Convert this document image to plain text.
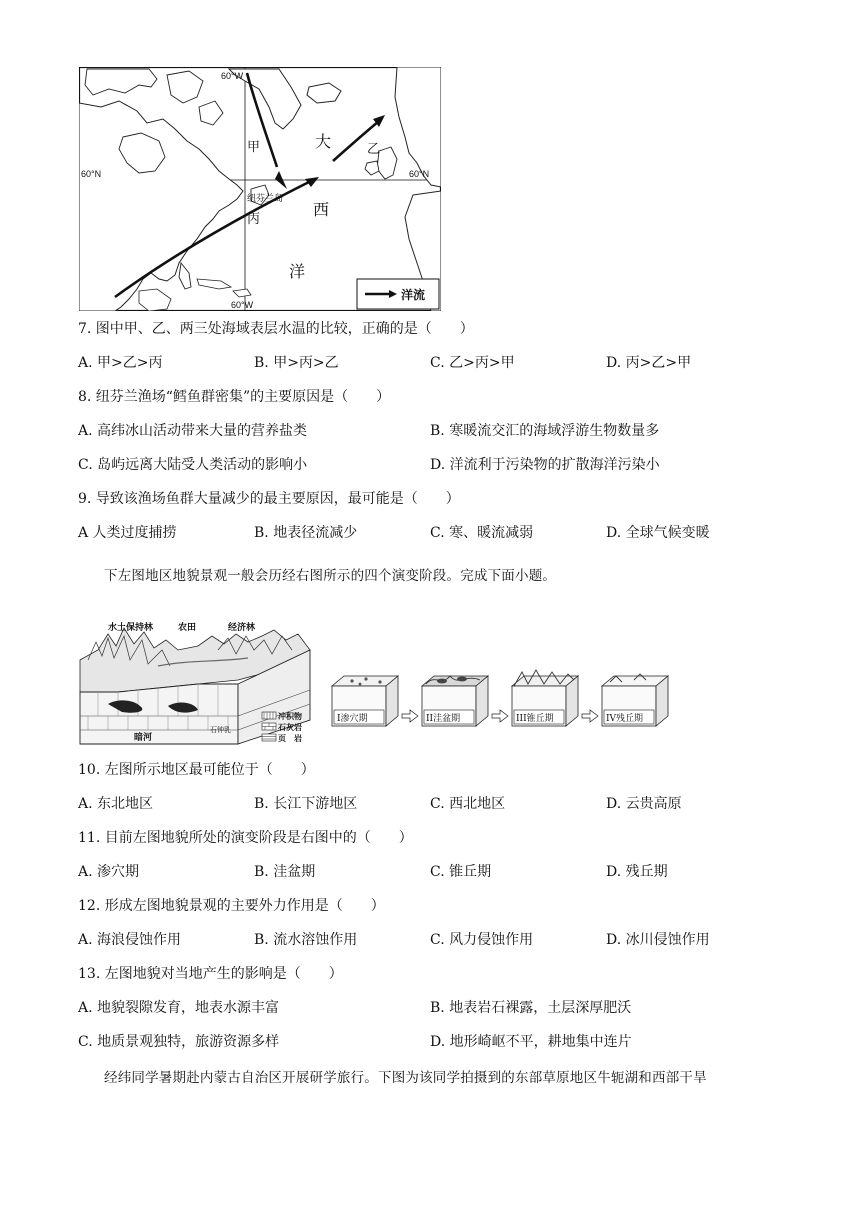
60°W
甲	大	乙
60°N	60°N
纽芬兰岛
西
丙
洋
60°W
洋流
7. 图中甲、乙、两三处海域表层水温的比较，正确的是（　　）
A. 甲>乙>丙	B. 甲>丙>乙	C. 乙>丙>甲	D. 丙>乙>甲
8. 纽芬兰渔场“鳕鱼群密集”的主要原因是（　　）
A. 高纬冰山活动带来大量的营养盐类	B. 寒暖流交汇的海域浮游生物数量多
C. 岛屿远离大陆受人类活动的影响小	D. 洋流利于污染物的扩散海洋污染小
9. 导致该渔场鱼群大量减少的最主要原因，最可能是（　　）
A 人类过度捕捞	B. 地表径流减少	C. 寒、暖流减弱	D. 全球气候变暖
下左图地区地貌景观一般会历经右图所示的四个演变阶段。完成下面小题。
水土保持林	农田	经济林
暗河
石钟乳
冲积物
石灰岩
页　岩
I渗穴期	II洼盆期	III锥丘期	IV残丘期
10. 左图所示地区最可能位于（　　）
A. 东北地区	B. 长江下游地区	C. 西北地区	D. 云贵高原
11. 目前左图地貌所处的演变阶段是右图中的（　　）
A. 渗穴期	B. 洼盆期	C. 锥丘期	D. 残丘期
12. 形成左图地貌景观的主要外力作用是（　　）
A. 海浪侵蚀作用	B. 流水溶蚀作用	C. 风力侵蚀作用	D. 冰川侵蚀作用
13. 左图地貌对当地产生的影响是（　　）
A. 地貌裂隙发育，地表水源丰富	B. 地表岩石裸露，土层深厚肥沃
C. 地质景观独特，旅游资源多样	D. 地形崎岖不平，耕地集中连片
经纬同学暑期赴内蒙古自治区开展研学旅行。下图为该同学拍摄到的东部草原地区牛轭湖和西部干旱
